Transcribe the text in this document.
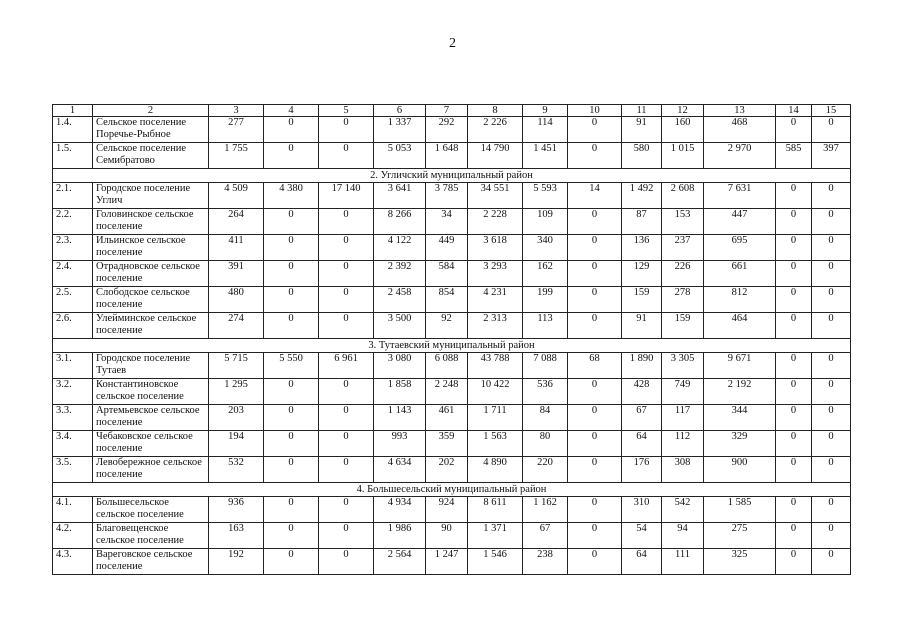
2
1	2	3	4	5	6	7	8	9	10	11	12	13	14	15
1.4.	Сельское поселение Поречье-Рыбное	277	0	0	1 337	292	2 226	114	0	91	160	468	0	0
1.5.	Сельское поселение Семибратово	1 755	0	0	5 053	1 648	14 790	1 451	0	580	1 015	2 970	585	397
2. Угличский муниципальный район														
2.1.	Городское поселение Углич	4 509	4 380	17 140	3 641	3 785	34 551	5 593	14	1 492	2 608	7 631	0	0
2.2.	Головинское сельское поселение	264	0	0	8 266	34	2 228	109	0	87	153	447	0	0
2.3.	Ильинское сельское поселение	411	0	0	4 122	449	3 618	340	0	136	237	695	0	0
2.4.	Отрадновское сельское поселение	391	0	0	2 392	584	3 293	162	0	129	226	661	0	0
2.5.	Слободское сельское поселение	480	0	0	2 458	854	4 231	199	0	159	278	812	0	0
2.6.	Улейминское сельское поселение	274	0	0	3 500	92	2 313	113	0	91	159	464	0	0
3. Тутаевский муниципальный район														
3.1.	Городское поселение Тутаев	5 715	5 550	6 961	3 080	6 088	43 788	7 088	68	1 890	3 305	9 671	0	0
3.2.	Константиновское сельское поселение	1 295	0	0	1 858	2 248	10 422	536	0	428	749	2 192	0	0
3.3.	Артемьевское сельское поселение	203	0	0	1 143	461	1 711	84	0	67	117	344	0	0
3.4.	Чебаковское сельское поселение	194	0	0	993	359	1 563	80	0	64	112	329	0	0
3.5.	Левобережное сельское поселение	532	0	0	4 634	202	4 890	220	0	176	308	900	0	0
4. Большесельский муниципальный район														
4.1.	Большесельское сельское поселение	936	0	0	4 934	924	8 611	1 162	0	310	542	1 585	0	0
4.2.	Благовещенское сельское поселение	163	0	0	1 986	90	1 371	67	0	54	94	275	0	0
4.3.	Вареговское сельское поселение	192	0	0	2 564	1 247	1 546	238	0	64	111	325	0	0
